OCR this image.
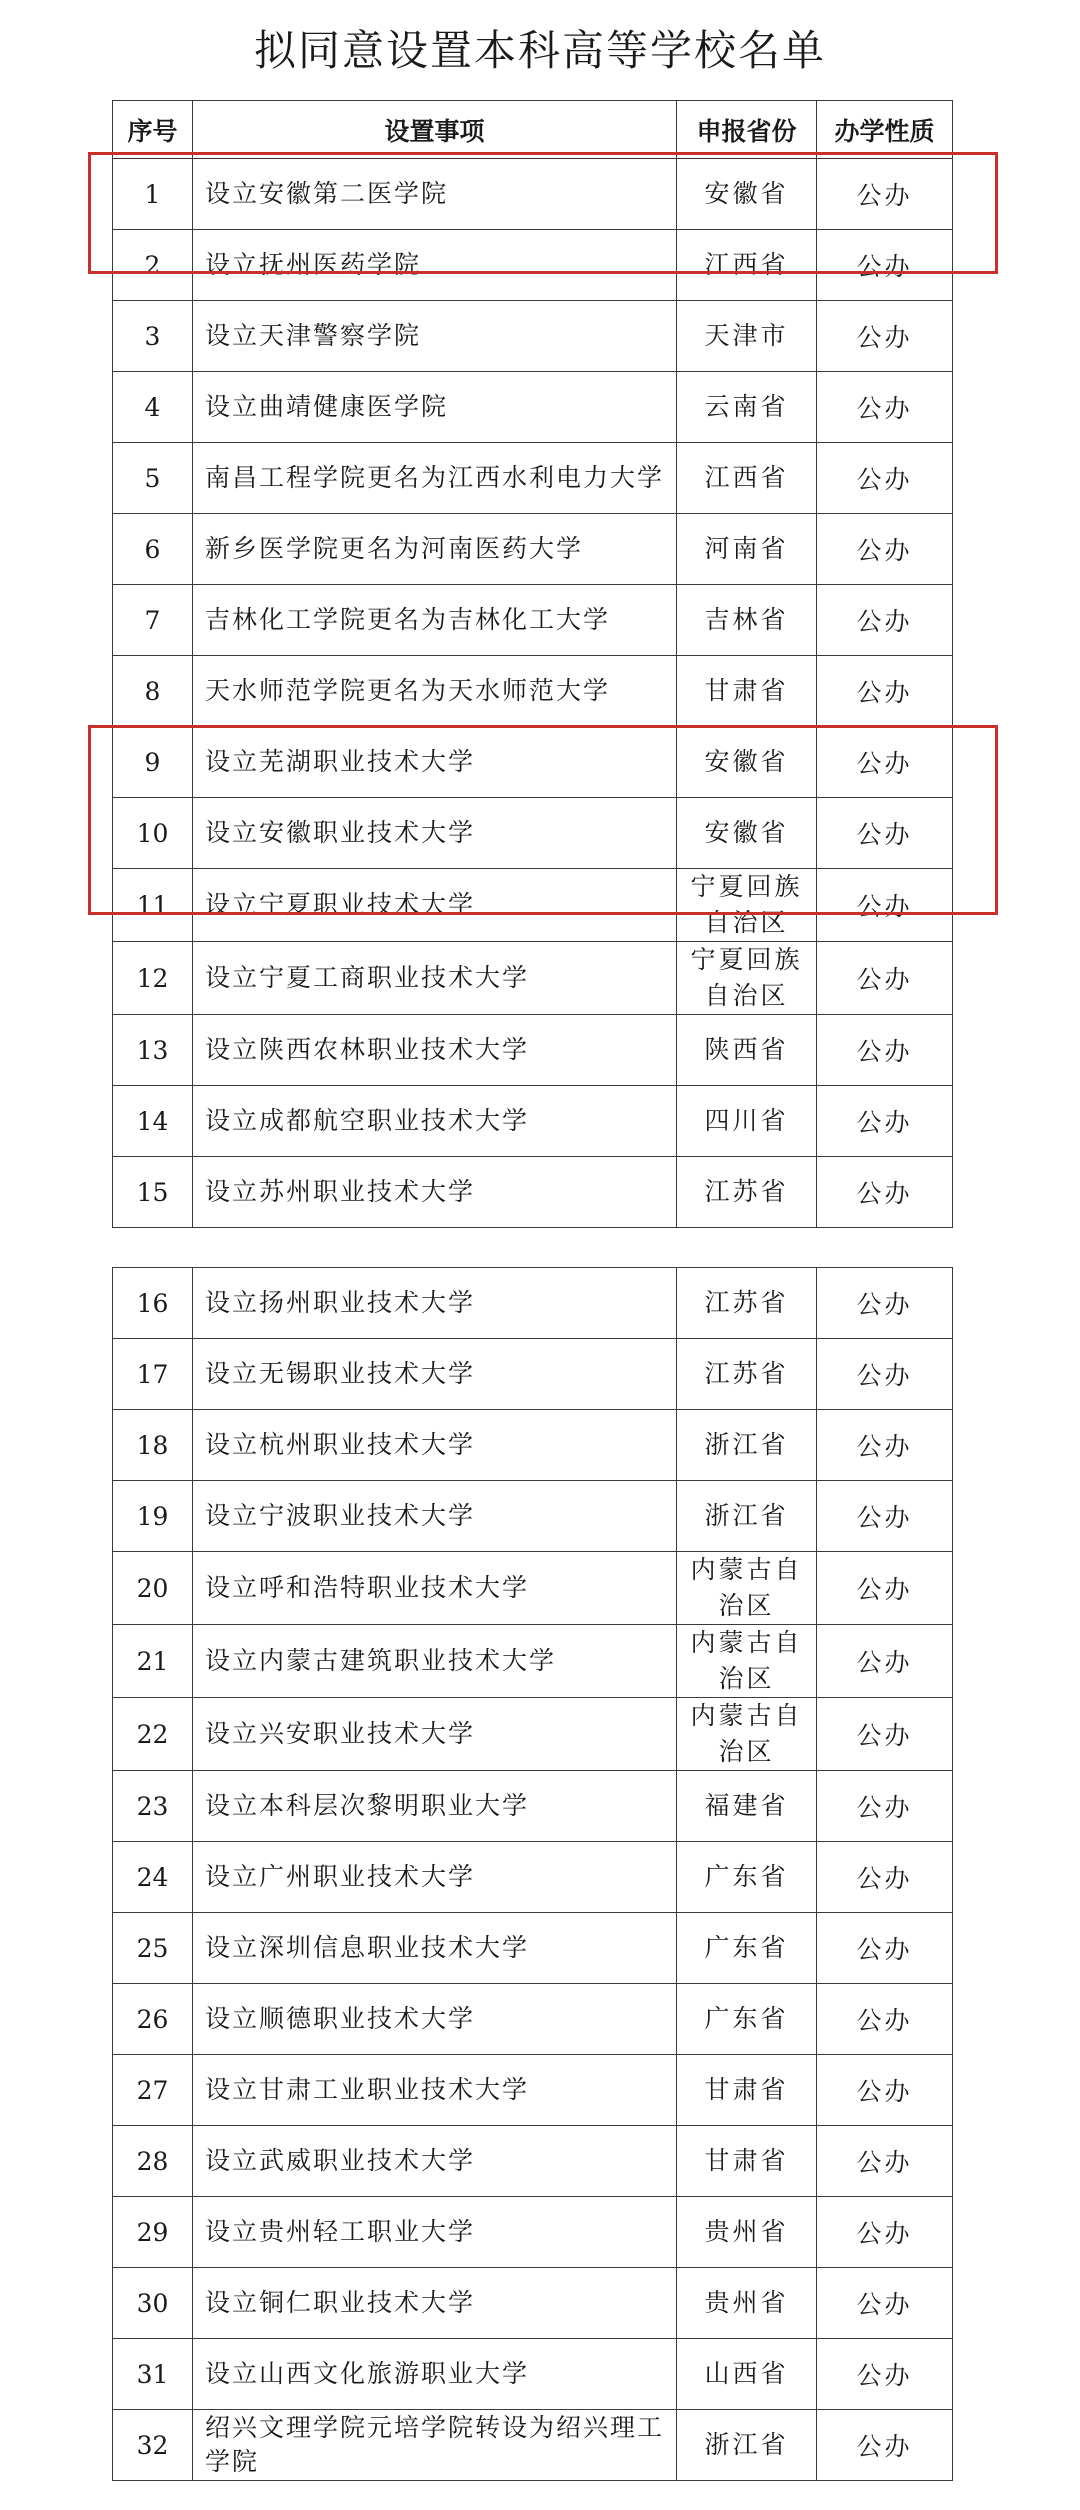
拟同意设置本科高等学校名单
序号	设置事项	申报省份	办学性质
1	设立安徽第二医学院	安徽省	公办
2	设立抚州医药学院	江西省	公办
3	设立天津警察学院	天津市	公办
4	设立曲靖健康医学院	云南省	公办
5	南昌工程学院更名为江西水利电力大学	江西省	公办
6	新乡医学院更名为河南医药大学	河南省	公办
7	吉林化工学院更名为吉林化工大学	吉林省	公办
8	天水师范学院更名为天水师范大学	甘肃省	公办
9	设立芜湖职业技术大学	安徽省	公办
10	设立安徽职业技术大学	安徽省	公办
11	设立宁夏职业技术大学	宁夏回族自治区	公办
12	设立宁夏工商职业技术大学	宁夏回族自治区	公办
13	设立陕西农林职业技术大学	陕西省	公办
14	设立成都航空职业技术大学	四川省	公办
15	设立苏州职业技术大学	江苏省	公办
16	设立扬州职业技术大学	江苏省	公办
17	设立无锡职业技术大学	江苏省	公办
18	设立杭州职业技术大学	浙江省	公办
19	设立宁波职业技术大学	浙江省	公办
20	设立呼和浩特职业技术大学	内蒙古自治区	公办
21	设立内蒙古建筑职业技术大学	内蒙古自治区	公办
22	设立兴安职业技术大学	内蒙古自治区	公办
23	设立本科层次黎明职业大学	福建省	公办
24	设立广州职业技术大学	广东省	公办
25	设立深圳信息职业技术大学	广东省	公办
26	设立顺德职业技术大学	广东省	公办
27	设立甘肃工业职业技术大学	甘肃省	公办
28	设立武威职业技术大学	甘肃省	公办
29	设立贵州轻工职业大学	贵州省	公办
30	设立铜仁职业技术大学	贵州省	公办
31	设立山西文化旅游职业大学	山西省	公办
32	绍兴文理学院元培学院转设为绍兴理工学院	浙江省	公办
